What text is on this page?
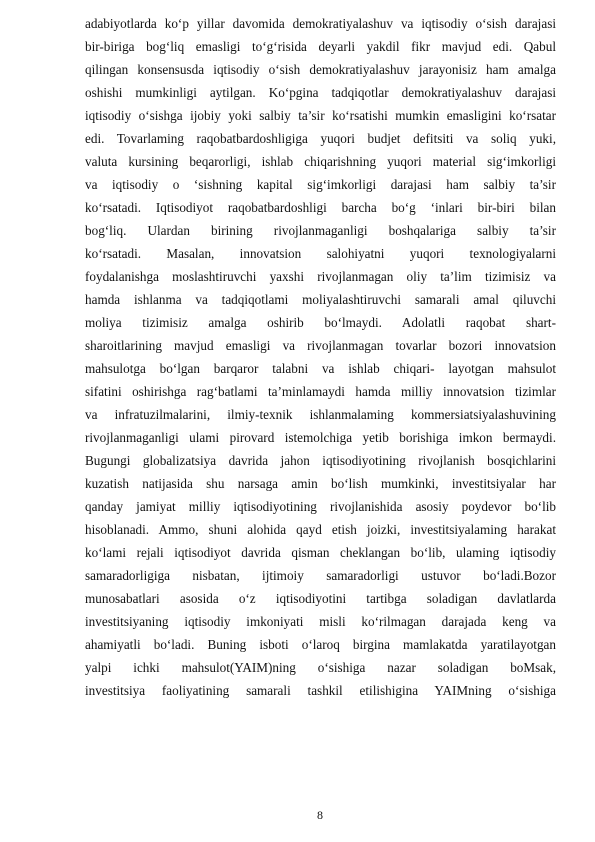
adabiyotlarda ko‘p yillar davomida demokratiyalashuv va iqtisodiy o‘sish darajasi
bir-biriga bog‘liq emasligi to‘g‘risida deyarli yakdil fikr mavjud edi. Qabul
qilingan konsensusda iqtisodiy o‘sish demokratiyalashuv jarayonisiz ham amalga
oshishi mumkinligi aytilgan. Ko‘pgina tadqiqotlar demokratiyalashuv darajasi
iqtisodiy o‘sishga ijobiy yoki salbiy ta’sir ko‘rsatishi mumkin emasligini ko‘rsatar
edi. Tovarlaming raqobatbardoshligiga yuqori budjet defitsiti va soliq yuki,
valuta kursining beqarorligi, ishlab chiqarishning yuqori material sig‘imkorligi
va iqtisodiy o ‘sishning kapital sig‘imkorligi darajasi ham salbiy ta’sir
ko‘rsatadi. Iqtisodiyot raqobatbardoshligi barcha bo‘g ‘inlari bir-biri bilan
bog‘liq. Ulardan birining rivojlanmaganligi boshqalariga salbiy ta’sir
ko‘rsatadi. Masalan, innovatsion salohiyatni yuqori texnologiyalarni
foydalanishga moslashtiruvchi yaxshi rivojlanmagan oliy ta’lim tizimisiz va
hamda ishlanma va tadqiqotlami moliyalashtiruvchi samarali amal qiluvchi
moliya tizimisiz amalga oshirib bo‘lmaydi. Adolatli raqobat shart-
sharoitlarining mavjud emasligi va rivojlanmagan tovarlar bozori innovatsion
mahsulotga bo‘lgan barqaror talabni va ishlab chiqari- layotgan mahsulot
sifatini oshirishga rag‘batlami ta’minlamaydi hamda milliy innovatsion tizimlar
va infratuzilmalarini, ilmiy-texnik ishlanmalaming kommersiatsiyalashuvining
rivojlanmaganligi ulami pirovard istemolchiga yetib borishiga imkon bermaydi.
Bugungi globalizatsiya davrida jahon iqtisodiyotining rivojlanish bosqichlarini
kuzatish natijasida shu narsaga amin bo‘lish mumkinki, investitsiyalar har
qanday jamiyat milliy iqtisodiyotining rivojlanishida asosiy poydevor bo‘lib
hisoblanadi. Ammo, shuni alohida qayd etish joizki, investitsiyalaming harakat
ko‘lami rejali iqtisodiyot davrida qisman cheklangan bo‘lib, ulaming iqtisodiy
samaradorligiga nisbatan, ijtimoiy samaradorligi ustuvor bo‘ladi.Bozor
munosabatlari asosida o‘z iqtisodiyotini tartibga soladigan davlatlarda
investitsiyaning iqtisodiy imkoniyati misli ko‘rilmagan darajada keng va
ahamiyatli bo‘ladi. Buning isboti o‘laroq birgina mamlakatda yaratilayotgan
yalpi ichki mahsulot(YAIM)ning o‘sishiga nazar soladigan boMsak,
investitsiya faoliyatining samarali tashkil etilishigina YAIMning o‘sishiga
8
